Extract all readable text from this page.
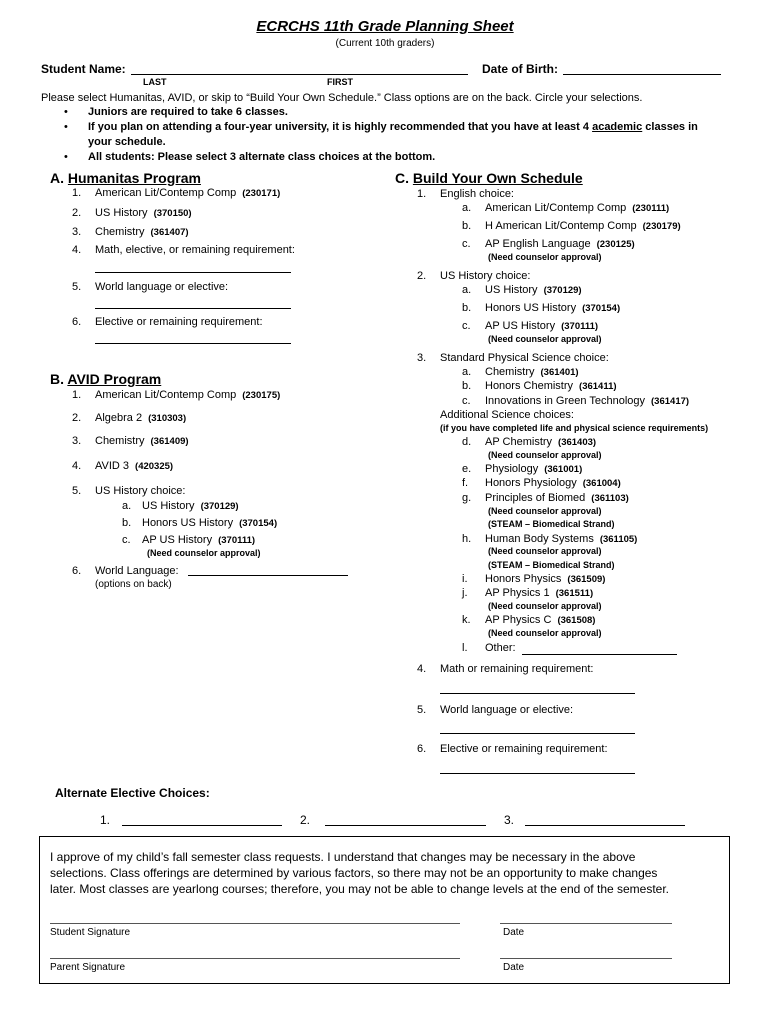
ECRCHS 11th Grade Planning Sheet
(Current 10th graders)
Student Name:	Date of Birth:
LAST	FIRST
Please select Humanitas, AVID, or skip to “Build Your Own Schedule.” Class options are on the back. Circle your selections.
• Juniors are required to take 6 classes.
• If you plan on attending a four-year university, it is highly recommended that you have at least 4 academic classes in
your schedule.
• All students: Please select 3 alternate class choices at the bottom.
A. Humanitas Program
B. AVID Program
C. Build Your Own Schedule
Alternate Elective Choices:
1.	2.	3.
I approve of my child’s fall semester class requests. I understand that changes may be necessary in the above
selections. Class offerings are determined by various factors, so there may not be an opportunity to make changes
later. Most classes are yearlong courses; therefore, you may not be able to change levels at the end of the semester.
Student Signature	Date
Parent Signature	Date
1. American Lit/Contemp Comp (230171)
2. US History (370150)
3. Chemistry (361407)
4. Math, elective, or remaining requirement:
5. World language or elective:
6. Elective or remaining requirement:
1. American Lit/Contemp Comp (230175)
2. Algebra 2 (310303)
3. Chemistry (361409)
4. AVID 3 (420325)
5. US History choice:
6. World Language:
a. US History (370129)
b. Honors US History (370154)
c. AP US History (370111)
(Need counselor approval)
(options on back)
1.
2.
3.
4.
5.
6.
English choice:
a. American Lit/Contemp Comp (230111)
b. H American Lit/Contemp Comp (230179)
c. AP English Language (230125)
(Need counselor approval)
US History choice:
a. US History (370129)
b. Honors US History (370154)
c. AP US History (370111)
(Need counselor approval)
Standard Physical Science choice:
a. Chemistry (361401)
b. Honors Chemistry (361411)
c. Innovations in Green Technology (361417)
Additional Science choices:
(if you have completed life and physical science requirements)
d. AP Chemistry (361403)
e. Physiology (361001)
f. Honors Physiology (361004)
g. Principles of Biomed (361103)
h. Human Body Systems (361105)
i. Honors Physics (361509)
j. AP Physics 1 (361511)
k. AP Physics C (361508)
l. Other:
(Need counselor approval)
(Need counselor approval)
(STEAM – Biomedical Strand)
(Need counselor approval)
(STEAM – Biomedical Strand)
(Need counselor approval)
(Need counselor approval)
Math or remaining requirement:
World language or elective:
Elective or remaining requirement:
